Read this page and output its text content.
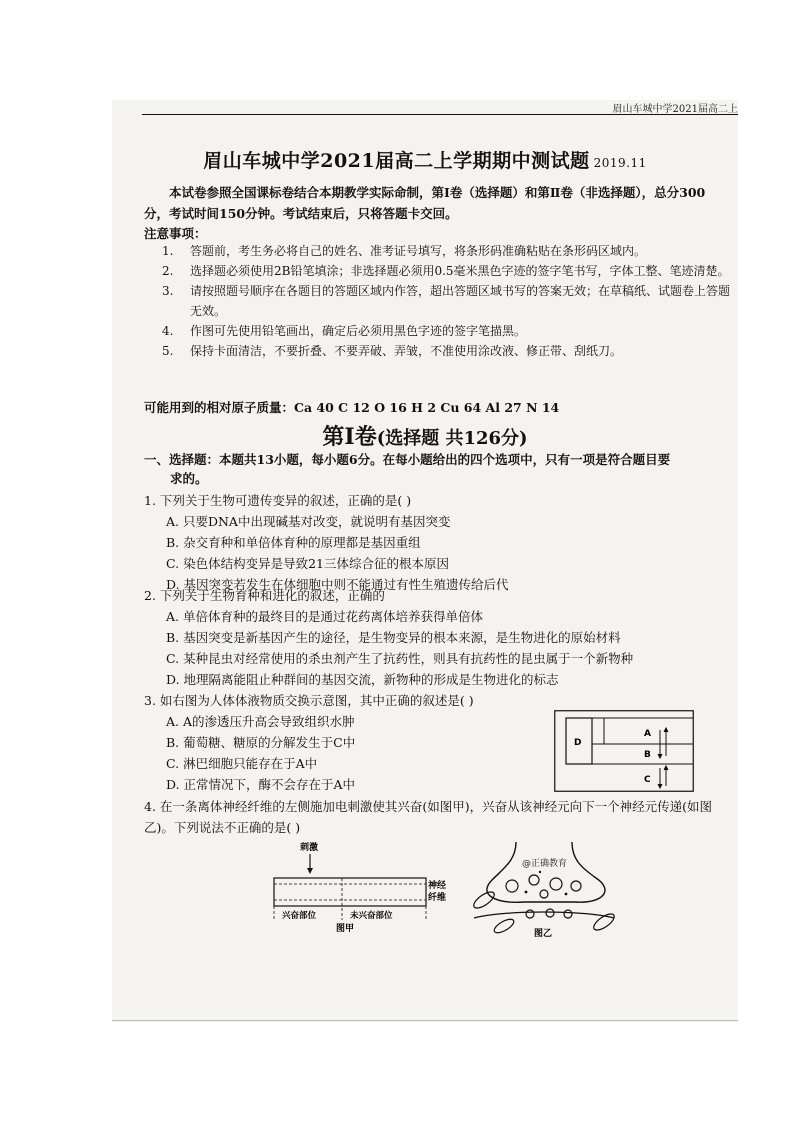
眉山车城中学2021届高二上
眉山车城中学2021届高二上学期期中测试题 2019.11
本试卷参照全国课标卷结合本期教学实际命制，第Ⅰ卷（选择题）和第Ⅱ卷（非选择题），总分300分，考试时间150分钟。考试结束后，只将答题卡交回。
注意事项：
1. 答题前，考生务必将自己的姓名、准考证号填写，将条形码准确粘贴在条形码区域内。
2. 选择题必须使用2B铅笔填涂；非选择题必须用0.5毫米黑色字迹的签字笔书写，字体工整、笔迹清楚。
3. 请按照题号顺序在各题目的答题区域内作答，超出答题区域书写的答案无效；在草稿纸、试题卷上答题无效。
4. 作图可先使用铅笔画出，确定后必须用黑色字迹的签字笔描黑。
5. 保持卡面清洁，不要折叠、不要弄破、弄皱，不准使用涂改液、修正带、刮纸刀。
可能用到的相对原子质量：Ca 40 C 12 O 16 H 2 Cu 64 Al 27 N 14
第Ⅰ卷(选择题 共126分)
一、选择题：本题共13小题，每小题6分。在每小题给出的四个选项中，只有一项是符合题目要
求的。

1. 下列关于生物可遗传变异的叙述，正确的是( )

A. 只要DNA中出现碱基对改变，就说明有基因突变

B. 杂交育种和单倍体育种的原理都是基因重组

C. 染色体结构变异是导致21三体综合征的根本原因

D. 基因突变若发生在体细胞中则不能通过有性生殖遗传给后代

2. 下列关于生物育种和进化的叙述，正确的

A. 单倍体育种的最终目的是通过花药离体培养获得单倍体

B. 基因突变是新基因产生的途径，是生物变异的根本来源，是生物进化的原始材料

C. 某种昆虫对经常使用的杀虫剂产生了抗药性，则具有抗药性的昆虫属于一个新物种

D. 地理隔离能阻止种群间的基因交流，新物种的形成是生物进化的标志

3. 如右图为人体体液物质交换示意图，其中正确的叙述是( )

A. A的渗透压升高会导致组织水肿

B. 葡萄糖、糖原的分解发生于C中

C. 淋巴细胞只能存在于A中

D. 正常情况下，酶不会存在于A中

A
B
C
D

4. 在一条离体神经纤维的左侧施加电刺激使其兴奋(如图甲)，兴奋从该神经元向下一个神经元传递(如图乙)。下列说法不正确的是( )

刺激
神经
纤维
兴奋部位	未兴奋部位
图甲
@正确教育
图乙
